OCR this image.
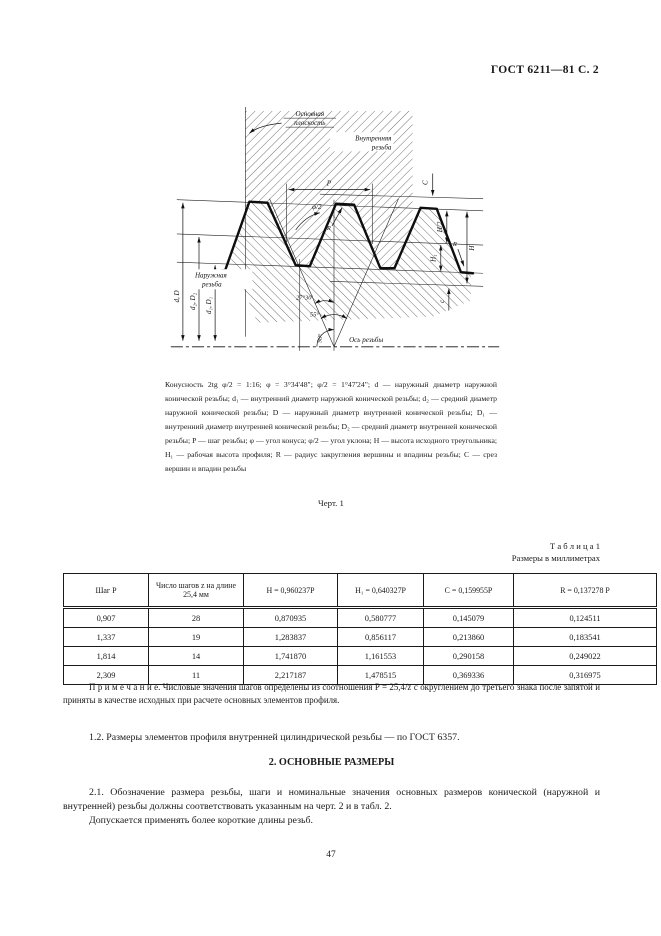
ГОСТ 6211—81 С. 2
Основная
плоскость
Внутренняя
резьба
Наружная
резьба
Ось резьбы
P
φ/2
C
H/2
H₁
H
с
27°30′
55°
90°
R
R
d, D d₂, D₂ d₁, D₁
Конусность 2tg φ/2 = 1:16; φ = 3°34'48"; φ/2 = 1°47'24"; d — наружный диаметр наружной конической резьбы; d₁ — внутренний диаметр наружной конической резьбы; d₂ — средний диаметр наружной конической резьбы; D — наружный диаметр внутренней конической резьбы; D₁ — внутренний диаметр внутренней конической резьбы; D₂ — средний диаметр внутренней конической резьбы; P — шаг резьбы; φ — угол конуса; φ/2 — угол уклона; H — высота исходного треугольника; H₁ — рабочая высота профиля; R — радиус закругления вершины и впадины резьбы; C — срез вершин и впадин резьбы
Черт. 1
Т а б л и ц а 1
Размеры в миллиметрах
Шаг P	Число шагов z на длине 25,4 мм	H = 0,960237P	H₁ = 0,640327P	C = 0,159955P	R = 0,137278 P
0,907	28	0,870935	0,580777	0,145079	0,124511
1,337	19	1,283837	0,856117	0,213860	0,183541
1,814	14	1,741870	1,161553	0,290158	0,249022
2,309	11	2,217187	1,478515	0,369336	0,316975

П р и м е ч а н и е. Числовые значения шагов определены из соотношения P = 25,4/z с округлением до третьего знака после запятой и приняты в качестве исходных при расчете основных элементов профиля.

1.2. Размеры элементов профиля внутренней цилиндрической резьбы — по ГОСТ 6357.

2. ОСНОВНЫЕ РАЗМЕРЫ

2.1. Обозначение размера резьбы, шаги и номинальные значения основных размеров конической (наружной и внутренней) резьбы должны соответствовать указанным на черт. 2 и в табл. 2.

Допускается применять более короткие длины резьб.

47
